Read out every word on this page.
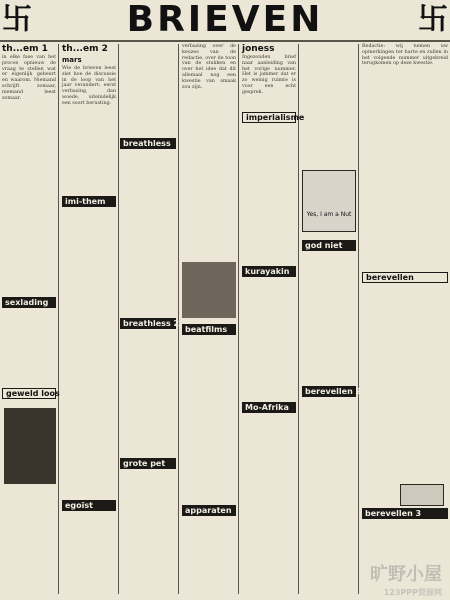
卐	BRIEVEN	卐
th...em 1
in elke fase van het proces opnieuw de vraag te stellen wat er eigenlijk gebeurt en waarom. Niemand schrijft zomaar, niemand leest zomaar.
th...em 2
mars
Wie de brieven leest ziet hoe de discussie in de loop van het jaar verandert: eerst verbazing, dan woede, uiteindelijk een soort berusting.
verbazing over de keuzes van de redactie, over de toon van de stukken en over het idee dat dit allemaal nog een kwestie van smaak zou zijn.
joness
Ingezonden brief naar aanleiding van het vorige nummer. Het is jammer dat er zo weinig ruimte is voor een echt gesprek.
Redactie: wij nemen uw opmerkingen ter harte en zullen in het volgende nummer uitgebreid terugkomen op deze kwestie.
breathless
imi-them
sexlading
geweld loos
breathless 2
beatfilms
grote pet
apparaten
imperialisme
kurayakin
Mo-Afrika
god niet
berevellen
berevellen 2
berevellen 3
egoïst
Yes, I am a Nut
旷野小屋
123PPP资源网
